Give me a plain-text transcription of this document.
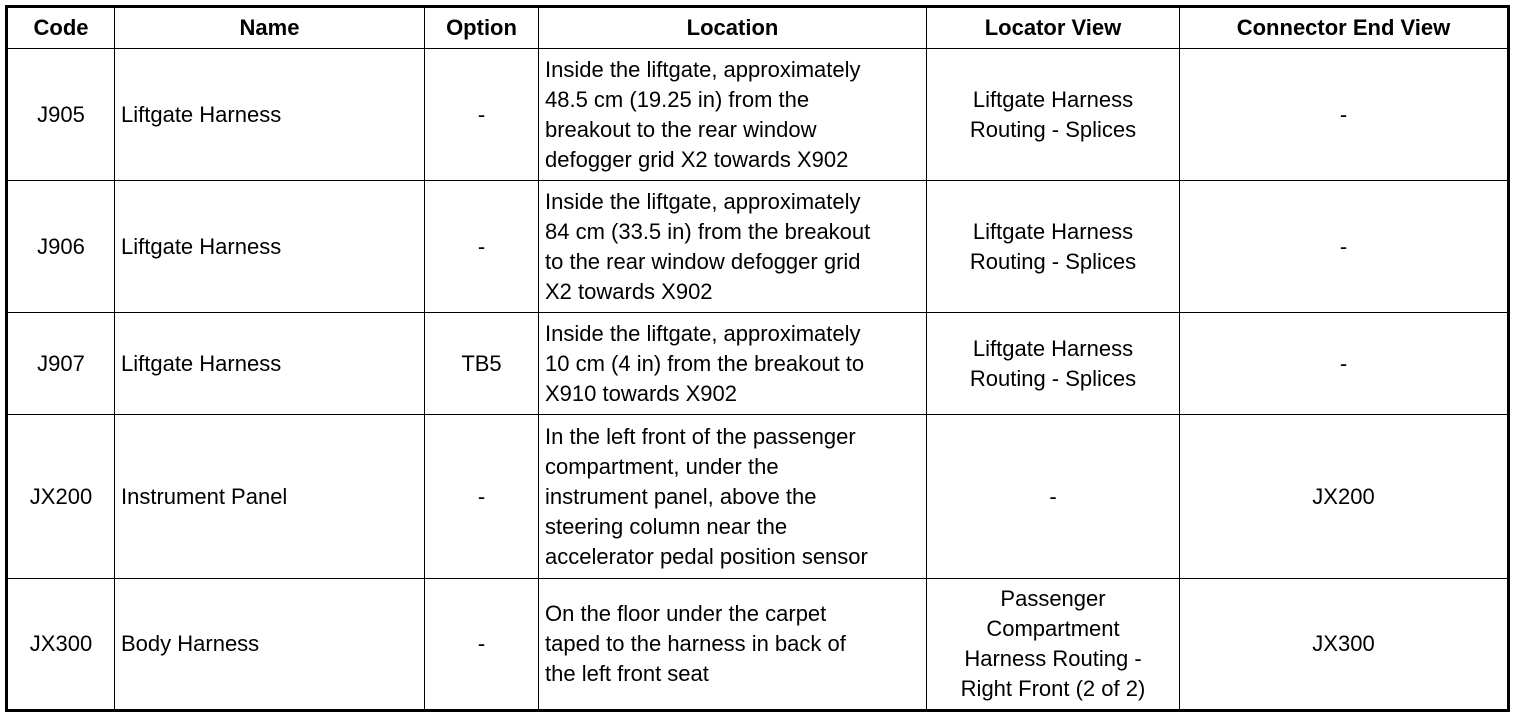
Code	Name	Option	Location	Locator View	Connector End View
J905	Liftgate Harness	-	Inside the liftgate, approximately
48.5 cm (19.25 in) from the
breakout to the rear window
defogger grid X2 towards X902	Liftgate Harness
Routing - Splices	-
J906	Liftgate Harness	-	Inside the liftgate, approximately
84 cm (33.5 in) from the breakout
to the rear window defogger grid
X2 towards X902	Liftgate Harness
Routing - Splices	-
J907	Liftgate Harness	TB5	Inside the liftgate, approximately
10 cm (4 in) from the breakout to
X910 towards X902	Liftgate Harness
Routing - Splices	-
JX200	Instrument Panel	-	In the left front of the passenger
compartment, under the
instrument panel, above the
steering column near the
accelerator pedal position sensor	-	JX200
JX300	Body Harness	-	On the floor under the carpet
taped to the harness in back of
the left front seat	Passenger
Compartment
Harness Routing -
Right Front (2 of 2)	JX300
